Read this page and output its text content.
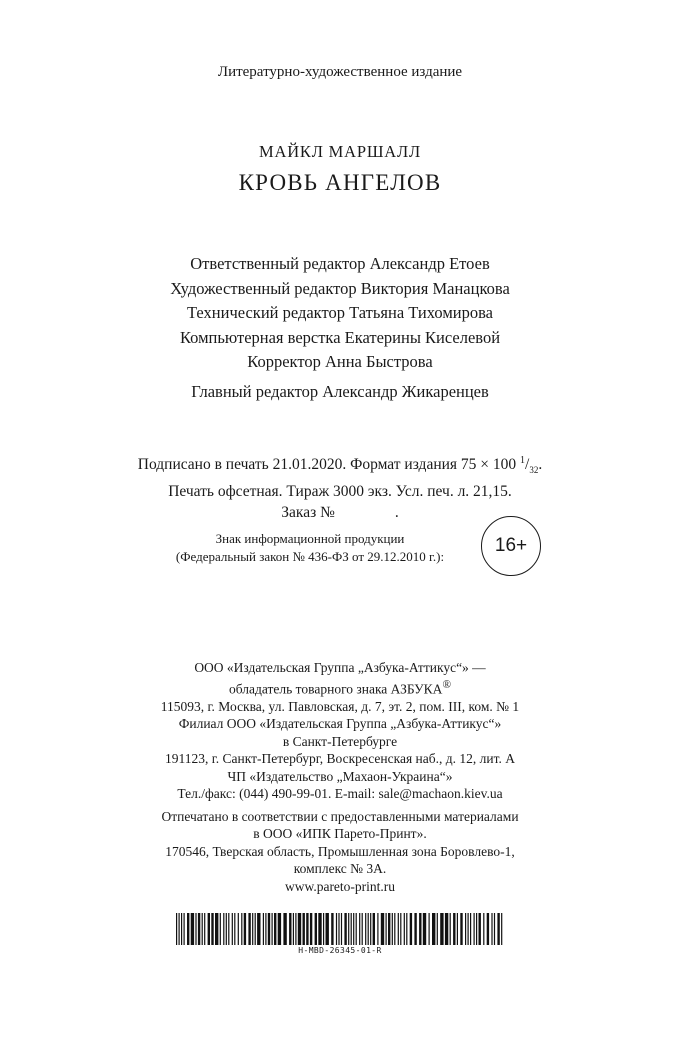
Литературно-художественное издание
МАЙКЛ МАРШАЛЛ
КРОВЬ АНГЕЛОВ
Ответственный редактор Александр Етоев
Художественный редактор Виктория Манацкова
Технический редактор Татьяна Тихомирова
Компьютерная верстка Екатерины Киселевой
Корректор Анна Быстрова
Главный редактор Александр Жикаренцев
Подписано в печать 21.01.2020. Формат издания 75 × 100 $^1/_{32}$.
Печать офсетная. Тираж 3000 экз. Усл. печ. л. 21,15.
Заказ №	.
Знак информационной продукции
(Федеральный закон № 436-ФЗ от 29.12.2010 г.):
16+
ООО «Издательская Группа „Азбука-Аттикус“» —
обладатель товарного знака АЗБУКА®
115093, г. Москва, ул. Павловская, д. 7, эт. 2, пом. III, ком. № 1
Филиал ООО «Издательская Группа „Азбука-Аттикус“»
в Санкт-Петербурге
191123, г. Санкт-Петербург, Воскресенская наб., д. 12, лит. А
ЧП «Издательство „Махаон-Украина“»
Тел./факс: (044) 490-99-01. E-mail: sale@machaon.kiev.ua
Отпечатано в соответствии с предоставленными материалами
в ООО «ИПК Парето-Принт».
170546, Тверская область, Промышленная зона Боровлево-1,
комплекс № 3А.
www.pareto-print.ru
H-MBD-26345-01-R
